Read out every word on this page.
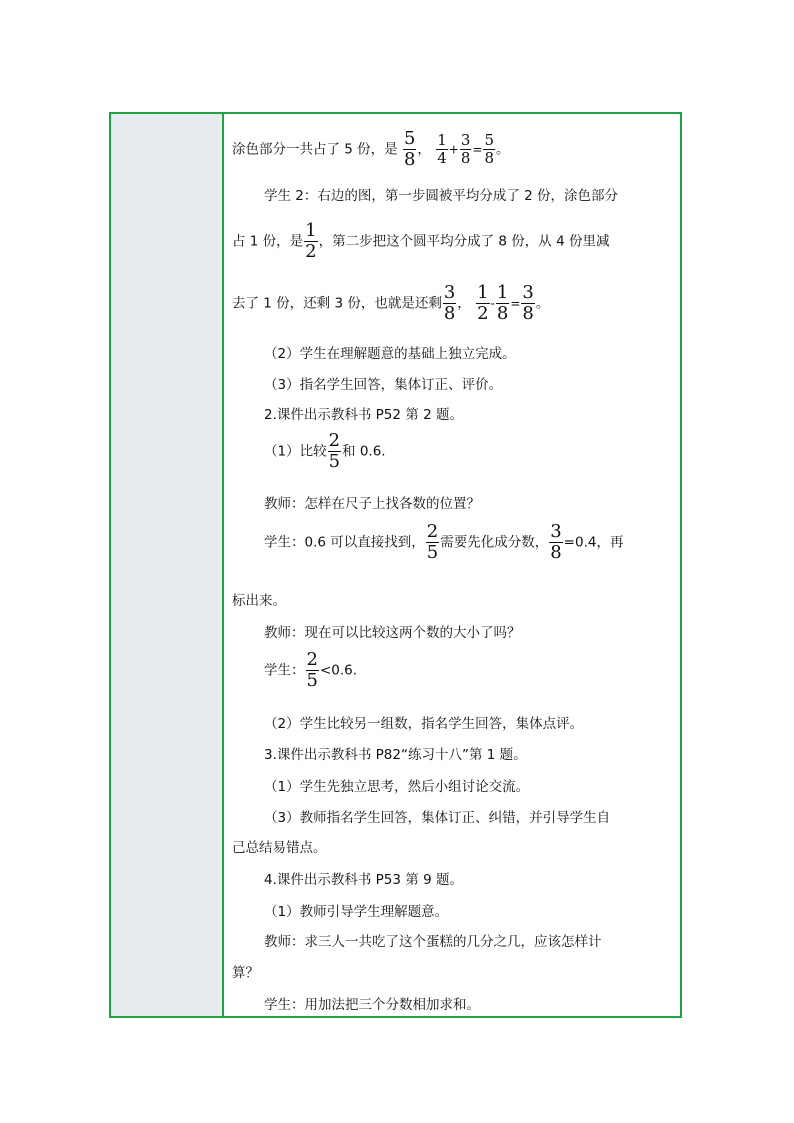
涂色部分一共占了 5 份，是 $\frac{5}{8}$ ， $\frac{1}{4} + \frac{3}{8} = \frac{5}{8}$ 。
学生 2：右边的图，第一步圆被平均分成了 2 份，涂色部分
占 1 份，是 $\frac{1}{2}$ ，第二步把这个圆平均分成了 8 份，从 4 份里减
去了 1 份，还剩 3 份，也就是还剩 $\frac{3}{8}$ ， $\frac{1}{2} - \frac{1}{8} = \frac{3}{8}$ 。
（2）学生在理解题意的基础上独立完成。
（3）指名学生回答，集体订正、评价。
2.课件出示教科书 P52 第 2 题。
（1）比较 $\frac{2}{5}$ 和 0.6.
教师：怎样在尺子上找各数的位置？
学生：0.6 可以直接找到， $\frac{2}{5}$ 需要先化成分数， $\frac{3}{8} =0.4$，再
标出来。
教师：现在可以比较这两个数的大小了吗？
学生： $\frac{2}{5} <0.6$.
（2）学生比较另一组数，指名学生回答，集体点评。
3.课件出示教科书 P82“练习十八”第 1 题。
（1）学生先独立思考，然后小组讨论交流。
（3）教师指名学生回答，集体订正、纠错，并引导学生自
己总结易错点。
4.课件出示教科书 P53 第 9 题。
（1）教师引导学生理解题意。
教师：求三人一共吃了这个蛋糕的几分之几，应该怎样计
算？
学生：用加法把三个分数相加求和。
